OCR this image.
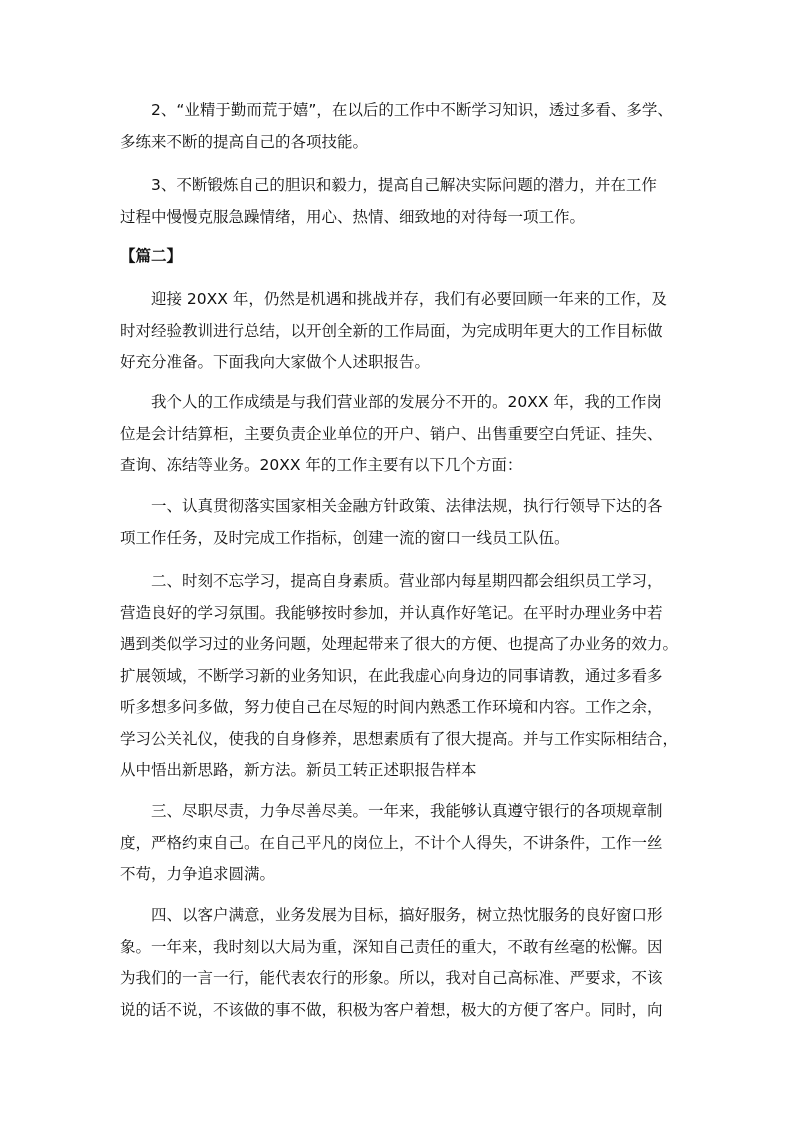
2、“业精于勤而荒于嬉”，在以后的工作中不断学习知识，透过多看、多学、
多练来不断的提高自己的各项技能。
3、不断锻炼自己的胆识和毅力，提高自己解决实际问题的潜力，并在工作
过程中慢慢克服急躁情绪，用心、热情、细致地的对待每一项工作。
【篇二】
迎接 20XX 年，仍然是机遇和挑战并存，我们有必要回顾一年来的工作，及
时对经验教训进行总结，以开创全新的工作局面，为完成明年更大的工作目标做
好充分准备。下面我向大家做个人述职报告。
我个人的工作成绩是与我们营业部的发展分不开的。20XX 年，我的工作岗
位是会计结算柜，主要负责企业单位的开户、销户、出售重要空白凭证、挂失、
查询、冻结等业务。20XX 年的工作主要有以下几个方面：
一、认真贯彻落实国家相关金融方针政策、法律法规，执行行领导下达的各
项工作任务，及时完成工作指标，创建一流的窗口一线员工队伍。
二、时刻不忘学习，提高自身素质。营业部内每星期四都会组织员工学习，
营造良好的学习氛围。我能够按时参加，并认真作好笔记。在平时办理业务中若
遇到类似学习过的业务问题，处理起带来了很大的方便、也提高了办业务的效力。
扩展领域，不断学习新的业务知识，在此我虚心向身边的同事请教，通过多看多
听多想多问多做，努力使自己在尽短的时间内熟悉工作环境和内容。工作之余，
学习公关礼仪，使我的自身修养，思想素质有了很大提高。并与工作实际相结合，
从中悟出新思路，新方法。新员工转正述职报告样本
三、尽职尽责，力争尽善尽美。一年来，我能够认真遵守银行的各项规章制
度，严格约束自己。在自己平凡的岗位上，不计个人得失，不讲条件，工作一丝
不苟，力争追求圆满。
四、以客户满意，业务发展为目标，搞好服务，树立热忱服务的良好窗口形
象。一年来，我时刻以大局为重，深知自己责任的重大，不敢有丝毫的松懈。因
为我们的一言一行，能代表农行的形象。所以，我对自己高标准、严要求，不该
说的话不说，不该做的事不做，积极为客户着想，极大的方便了客户。同时，向
